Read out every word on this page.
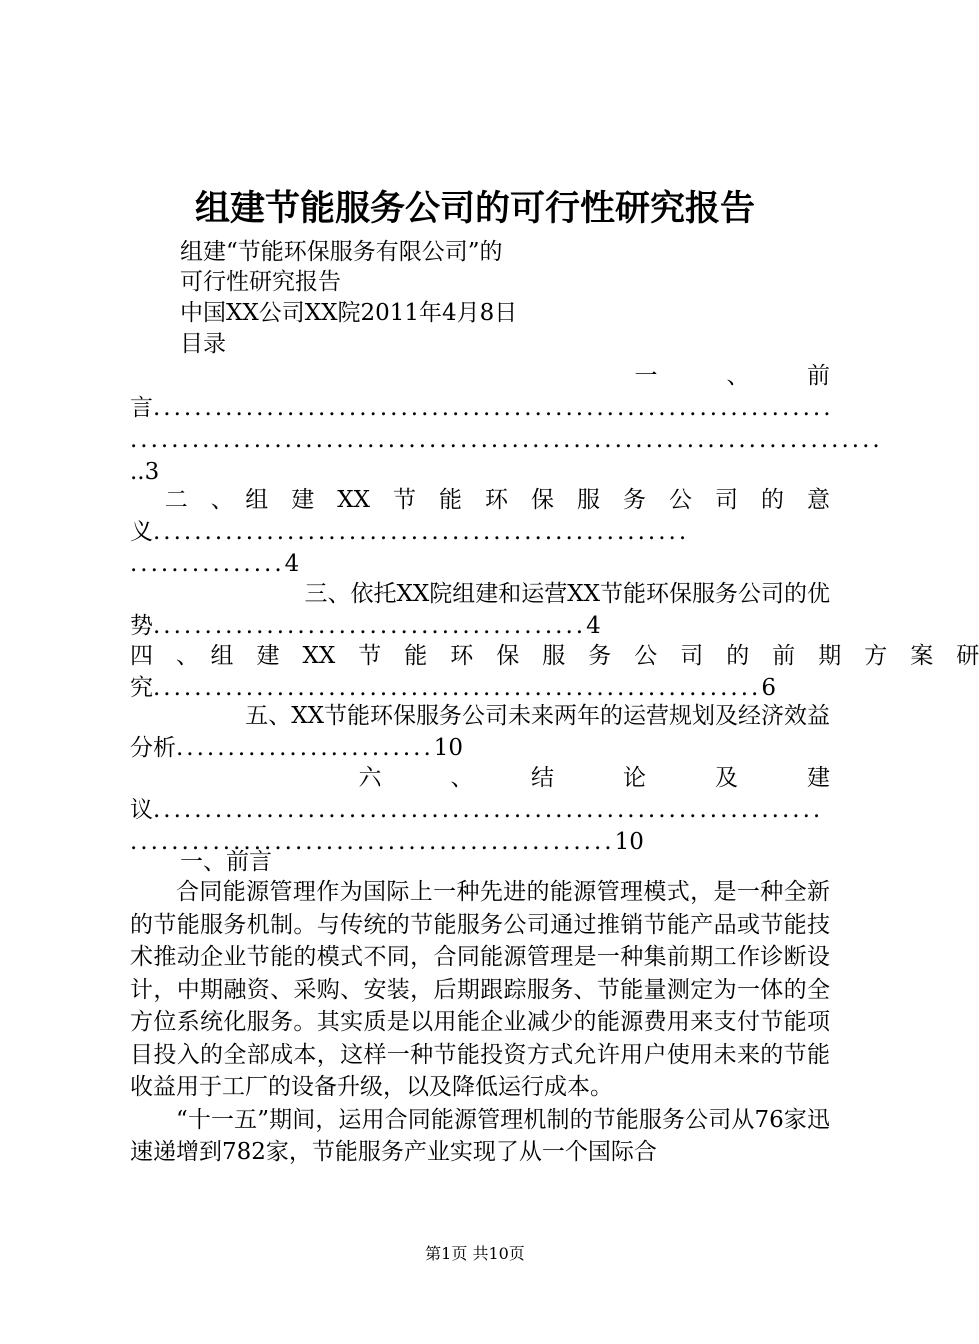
组建节能服务公司的可行性研究报告
组建“节能环保服务有限公司”的
可行性研究报告
中国XX公司XX院2011年4月8日
目录
一　　　、　　　前
言..................................................................
.........................................................................
..3
二　、　组　建　XX　节　能　环　保　服　务　公　司　的　意
义....................................................
...............4
三、依托XX院组建和运营XX节能环保服务公司的优
势..........................................4
四　、　组　建　XX　节　能　环　保　服　务　公　司　的　前　期　方　案　研
究...........................................................6
五、XX节能环保服务公司未来两年的运营规划及经济效益
分析.........................10
六　　　、　　　结　　　论　　　及　　　建
议.................................................................
...............................................10
一、前言

合同能源管理作为国际上一种先进的能源管理模式，是一种全新的节能服务机制。与传统的节能服务公司通过推销节能产品或节能技术推动企业节能的模式不同，合同能源管理是一种集前期工作诊断设计，中期融资、采购、安装，后期跟踪服务、节能量测定为一体的全方位系统化服务。其实质是以用能企业减少的能源费用来支付节能项目投入的全部成本，这样一种节能投资方式允许用户使用未来的节能收益用于工厂的设备升级，以及降低运行成本。

“十一五”期间，运用合同能源管理机制的节能服务公司从76家迅速递增到782家，节能服务产业实现了从一个国际合

第1页 共10页
